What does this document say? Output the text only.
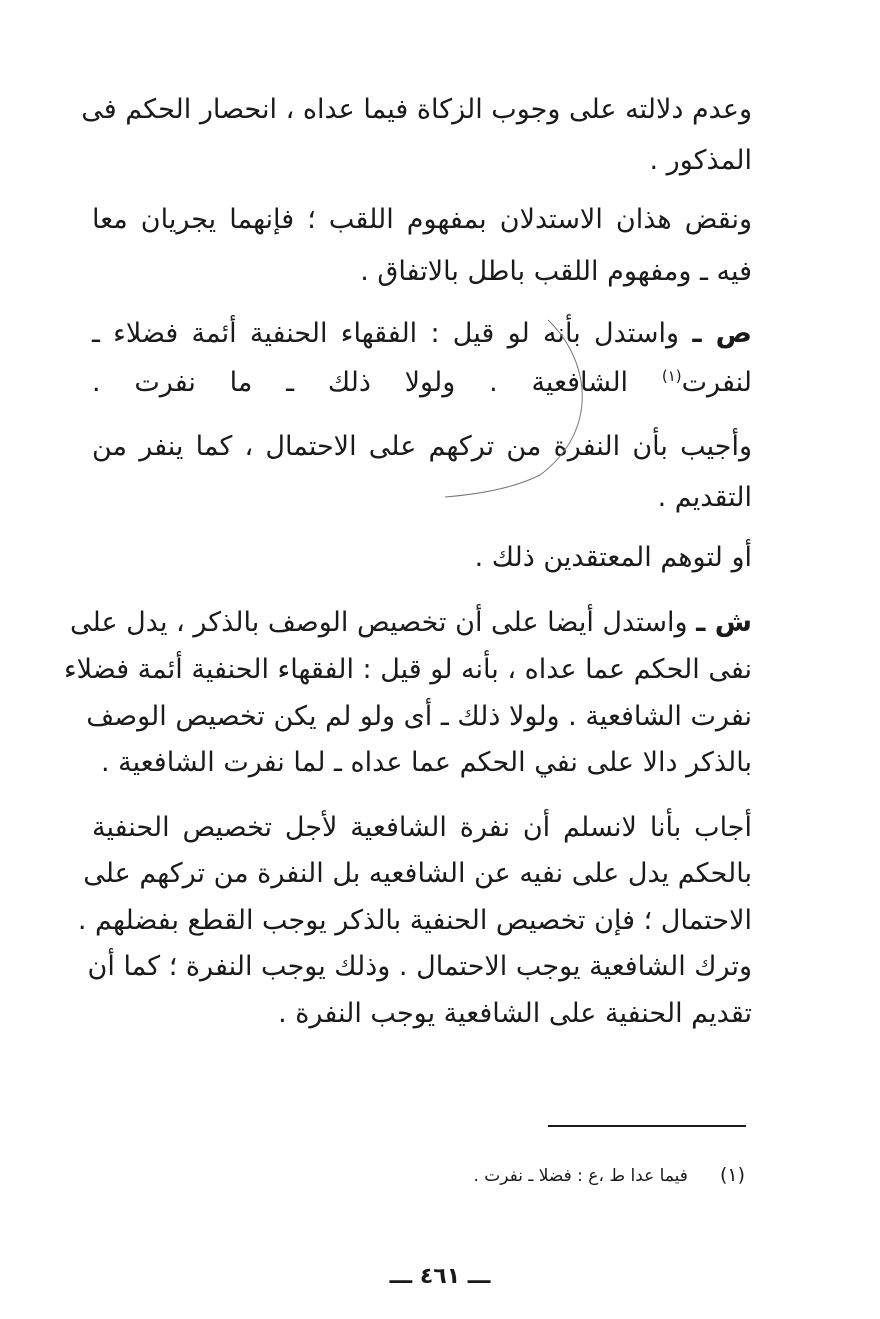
وعدم دلالته على وجوب الزكاة فيما عداه ، انحصار الحكم فى
المذكور .
ونقض هذان الاستدلان بمفهوم اللقب ؛ فإنهما يجريان معا
فيه ـ ومفهوم اللقب باطل بالاتفاق .
ص ـ واستدل بأنه لو قيل : الفقهاء الحنفية أئمة فضلاء ـ
لنفرت$^{(١)}$ الشافعية . ولولا ذلك ـ ما نفرت .
وأجيب بأن النفرة من تركهم على الاحتمال ، كما ينفر من
التقديم .
أو لتوهم المعتقدين ذلك .
ش ـ واستدل أيضا على أن تخصيص الوصف بالذكر ، يدل على
نفى الحكم عما عداه ، بأنه لو قيل : الفقهاء الحنفية أئمة فضلاء
نفرت الشافعية . ولولا ذلك ـ أى ولو لم يكن تخصيص الوصف
بالذكر دالا على نفي الحكم عما عداه ـ لما نفرت الشافعية .
أجاب بأنا لانسلم أن نفرة الشافعية لأجل تخصيص الحنفية
بالحكم يدل على نفيه عن الشافعيه بل النفرة من تركهم على
الاحتمال ؛ فإن تخصيص الحنفية بالذكر يوجب القطع بفضلهم .
وترك الشافعية يوجب الاحتمال . وذلك يوجب النفرة ؛ كما أن
تقديم الحنفية على الشافعية يوجب النفرة .
(١)فيما عدا ط ،ع : فضلا ـ نفرت .
ـــ ٤٦١ ـــ
